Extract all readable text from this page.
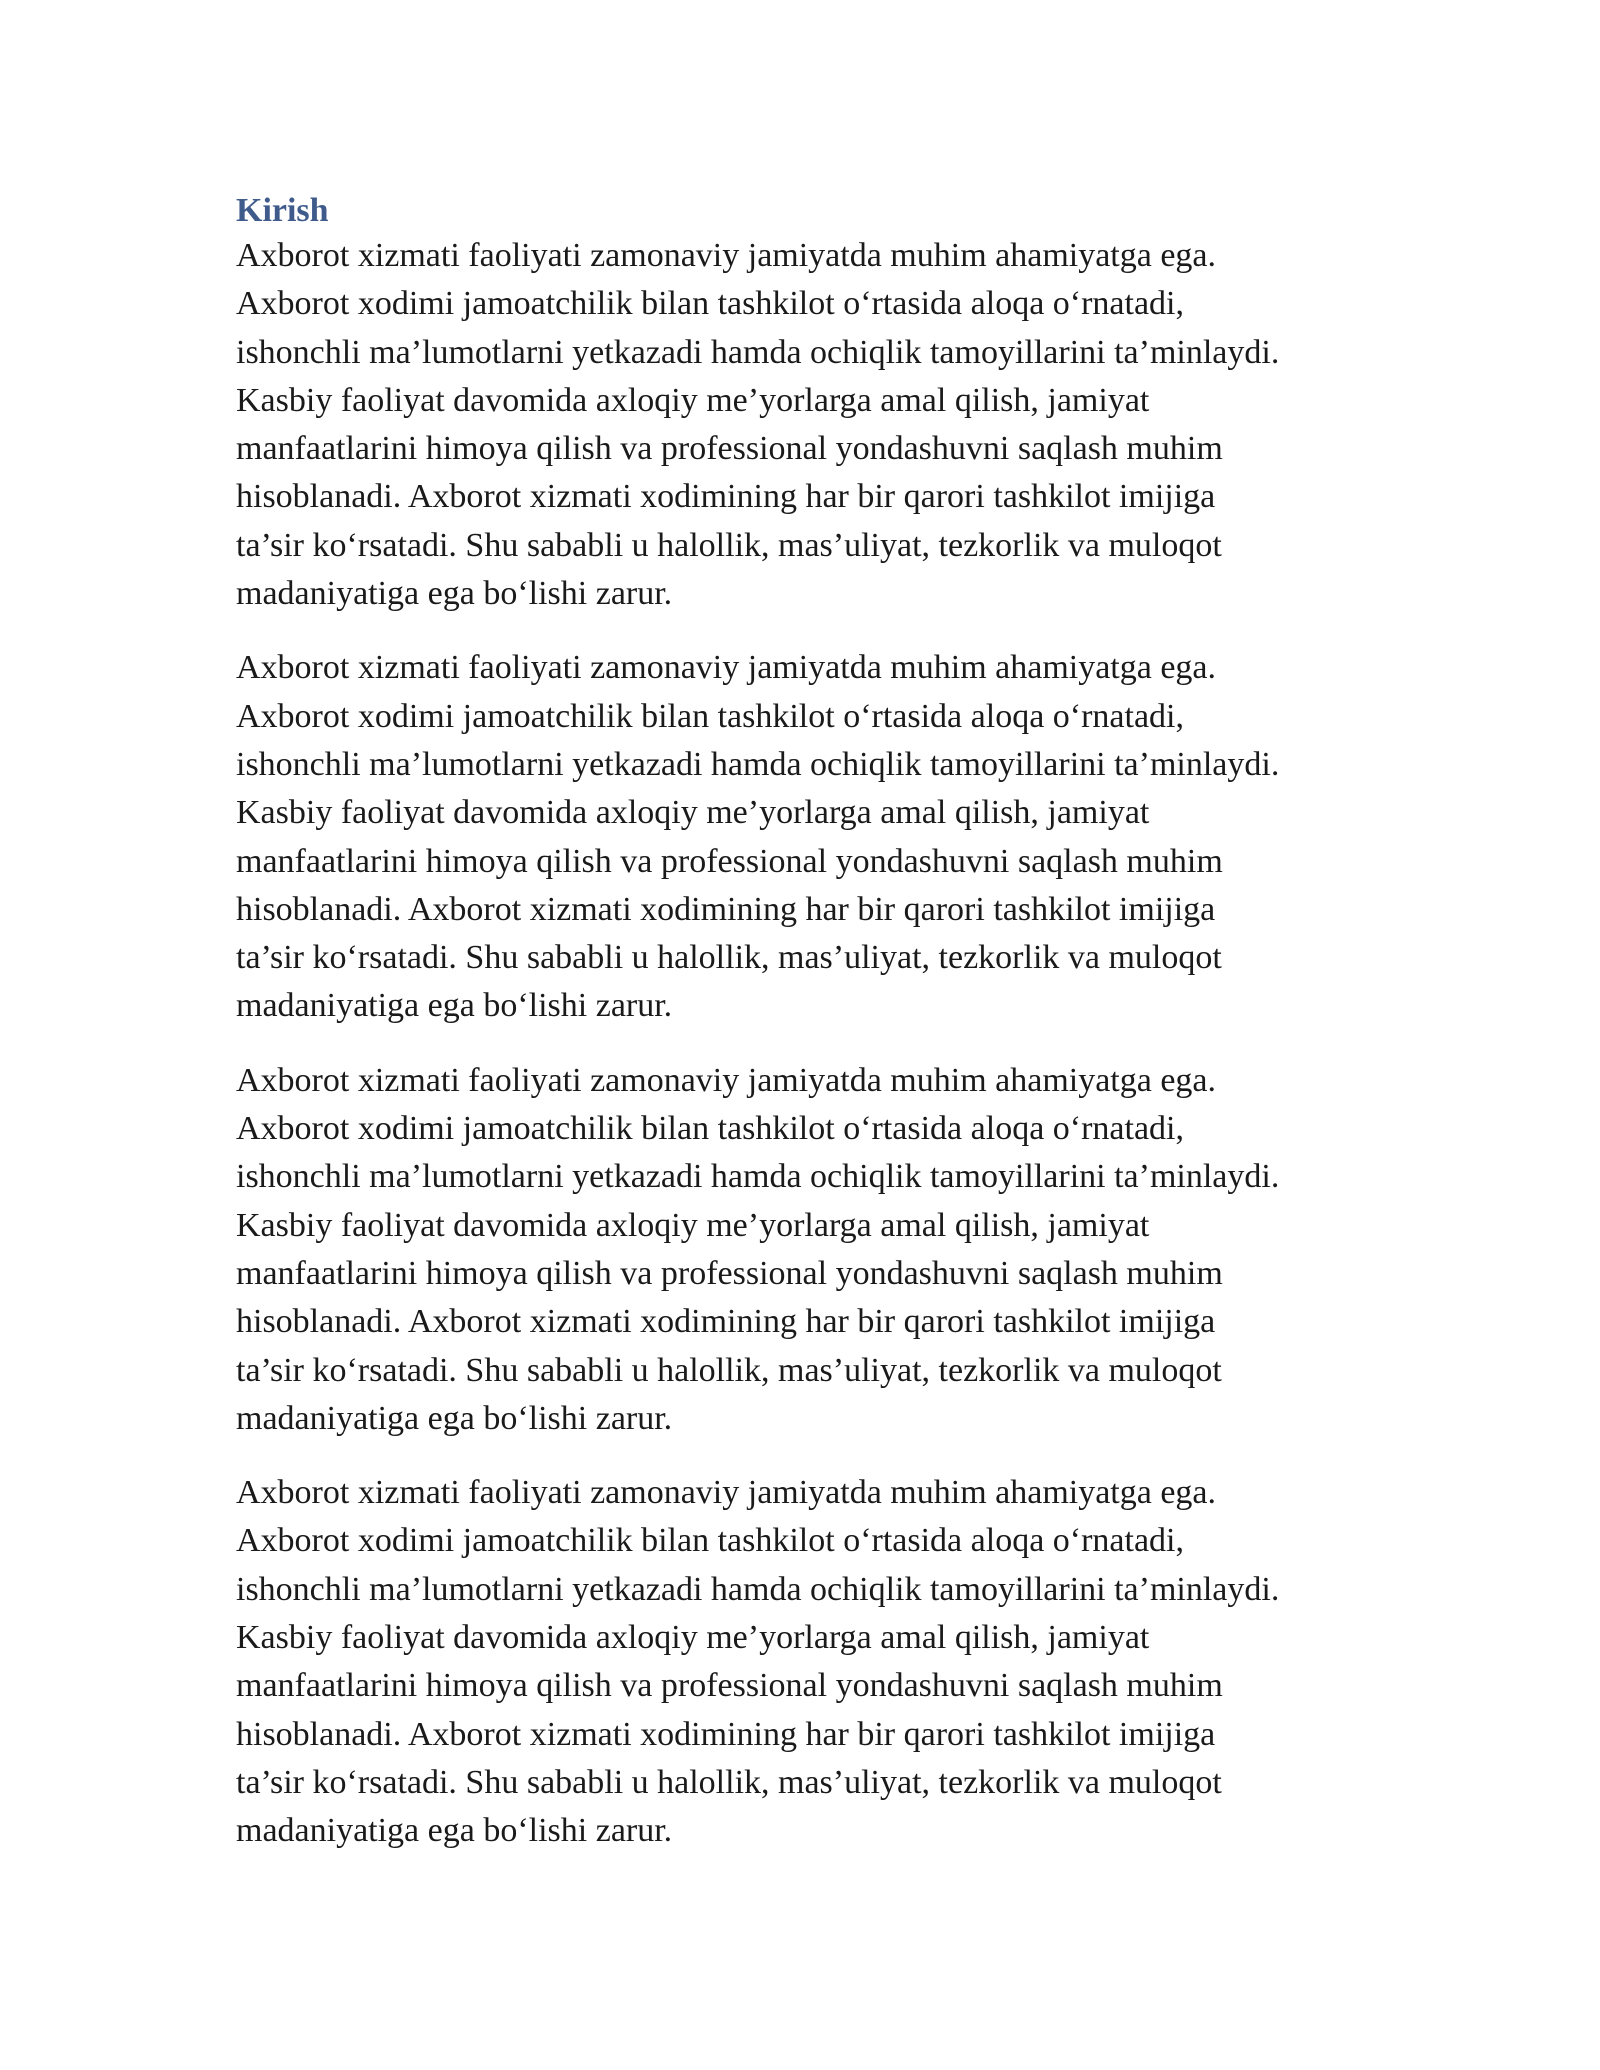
Kirish

Axborot xizmati faoliyati zamonaviy jamiyatda muhim ahamiyatga ega.
Axborot xodimi jamoatchilik bilan tashkilot o‘rtasida aloqa o‘rnatadi,
ishonchli ma’lumotlarni yetkazadi hamda ochiqlik tamoyillarini ta’minlaydi.
Kasbiy faoliyat davomida axloqiy me’yorlarga amal qilish, jamiyat
manfaatlarini himoya qilish va professional yondashuvni saqlash muhim
hisoblanadi. Axborot xizmati xodimining har bir qarori tashkilot imijiga
ta’sir ko‘rsatadi. Shu sababli u halollik, mas’uliyat, tezkorlik va muloqot
madaniyatiga ega bo‘lishi zarur.

Axborot xizmati faoliyati zamonaviy jamiyatda muhim ahamiyatga ega.
Axborot xodimi jamoatchilik bilan tashkilot o‘rtasida aloqa o‘rnatadi,
ishonchli ma’lumotlarni yetkazadi hamda ochiqlik tamoyillarini ta’minlaydi.
Kasbiy faoliyat davomida axloqiy me’yorlarga amal qilish, jamiyat
manfaatlarini himoya qilish va professional yondashuvni saqlash muhim
hisoblanadi. Axborot xizmati xodimining har bir qarori tashkilot imijiga
ta’sir ko‘rsatadi. Shu sababli u halollik, mas’uliyat, tezkorlik va muloqot
madaniyatiga ega bo‘lishi zarur.

Axborot xizmati faoliyati zamonaviy jamiyatda muhim ahamiyatga ega.
Axborot xodimi jamoatchilik bilan tashkilot o‘rtasida aloqa o‘rnatadi,
ishonchli ma’lumotlarni yetkazadi hamda ochiqlik tamoyillarini ta’minlaydi.
Kasbiy faoliyat davomida axloqiy me’yorlarga amal qilish, jamiyat
manfaatlarini himoya qilish va professional yondashuvni saqlash muhim
hisoblanadi. Axborot xizmati xodimining har bir qarori tashkilot imijiga
ta’sir ko‘rsatadi. Shu sababli u halollik, mas’uliyat, tezkorlik va muloqot
madaniyatiga ega bo‘lishi zarur.

Axborot xizmati faoliyati zamonaviy jamiyatda muhim ahamiyatga ega.
Axborot xodimi jamoatchilik bilan tashkilot o‘rtasida aloqa o‘rnatadi,
ishonchli ma’lumotlarni yetkazadi hamda ochiqlik tamoyillarini ta’minlaydi.
Kasbiy faoliyat davomida axloqiy me’yorlarga amal qilish, jamiyat
manfaatlarini himoya qilish va professional yondashuvni saqlash muhim
hisoblanadi. Axborot xizmati xodimining har bir qarori tashkilot imijiga
ta’sir ko‘rsatadi. Shu sababli u halollik, mas’uliyat, tezkorlik va muloqot
madaniyatiga ega bo‘lishi zarur.
